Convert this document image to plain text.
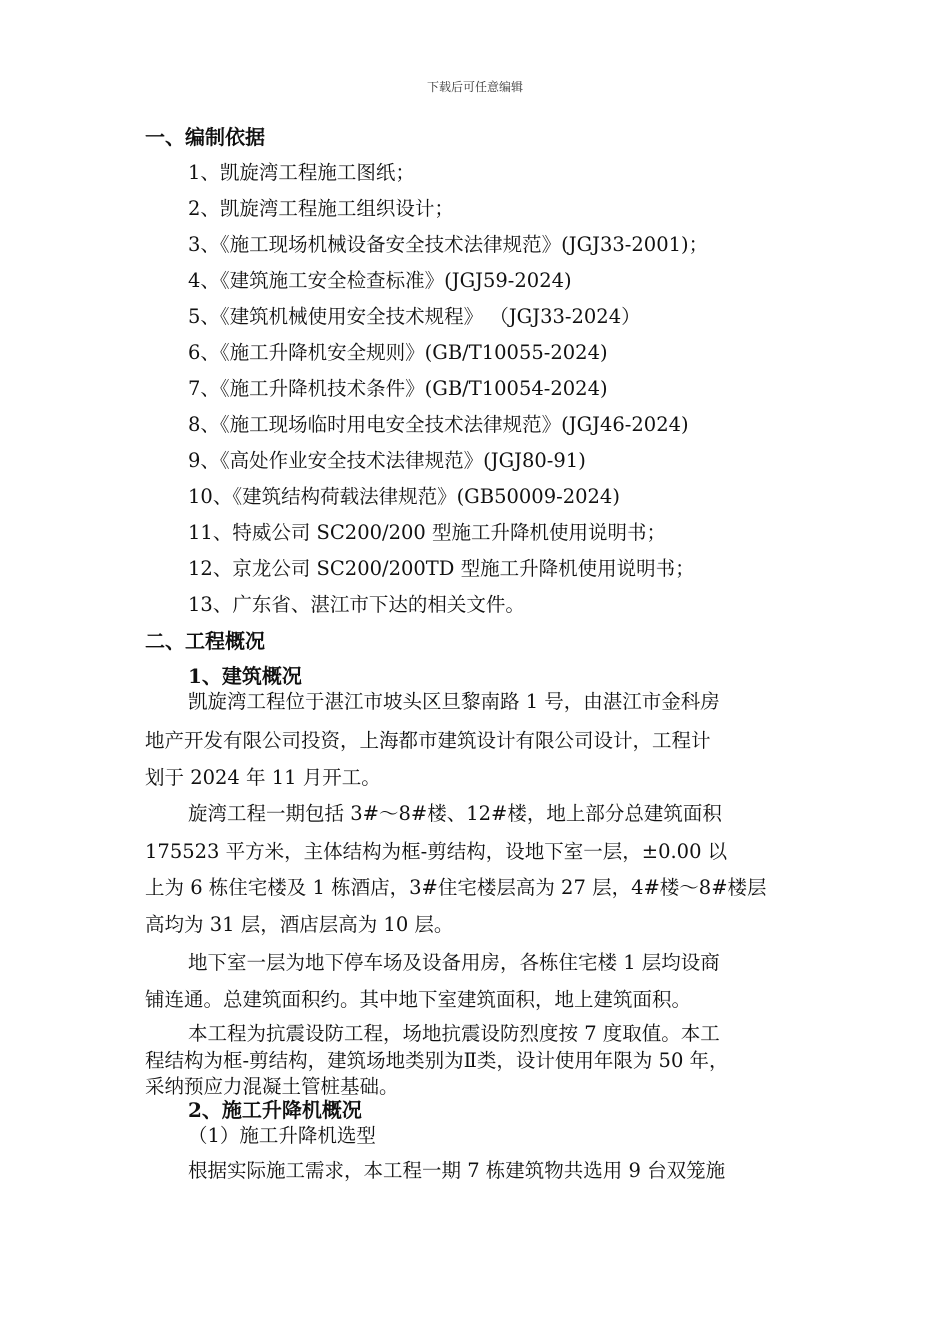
下载后可任意编辑
一、编制依据
1、凯旋湾工程施工图纸；
2、凯旋湾工程施工组织设计；
3、《施工现场机械设备安全技术法律规范》(JGJ33-2001)；
4、《建筑施工安全检查标准》(JGJ59-2024)
5、《建筑机械使用安全技术规程》 （JGJ33-2024）
6、《施工升降机安全规则》(GB/T10055-2024)
7、《施工升降机技术条件》(GB/T10054-2024)
8、《施工现场临时用电安全技术法律规范》(JGJ46-2024)
9、《高处作业安全技术法律规范》(JGJ80-91)
10、《建筑结构荷载法律规范》(GB50009-2024)
11、特威公司 SC200/200 型施工升降机使用说明书；
12、京龙公司 SC200/200TD 型施工升降机使用说明书；
13、广东省、湛江市下达的相关文件。
二、工程概况
1、建筑概况
凯旋湾工程位于湛江市坡头区旦黎南路 1 号，由湛江市金科房
地产开发有限公司投资，上海都市建筑设计有限公司设计，工程计
划于 2024 年 11 月开工。
旋湾工程一期包括 3#～8#楼、12#楼，地上部分总建筑面积
175523 平方米，主体结构为框-剪结构，设地下室一层，±0.00 以
上为 6 栋住宅楼及 1 栋酒店，3#住宅楼层高为 27 层，4#楼～8#楼层
高均为 31 层，酒店层高为 10 层。
地下室一层为地下停车场及设备用房，各栋住宅楼 1 层均设商
铺连通。总建筑面积约。其中地下室建筑面积，地上建筑面积。
本工程为抗震设防工程，场地抗震设防烈度按 7 度取值。本工
程结构为框-剪结构，建筑场地类别为Ⅱ类，设计使用年限为 50 年，
采纳预应力混凝土管桩基础。
2、施工升降机概况
（1）施工升降机选型
根据实际施工需求，本工程一期 7 栋建筑物共选用 9 台双笼施
